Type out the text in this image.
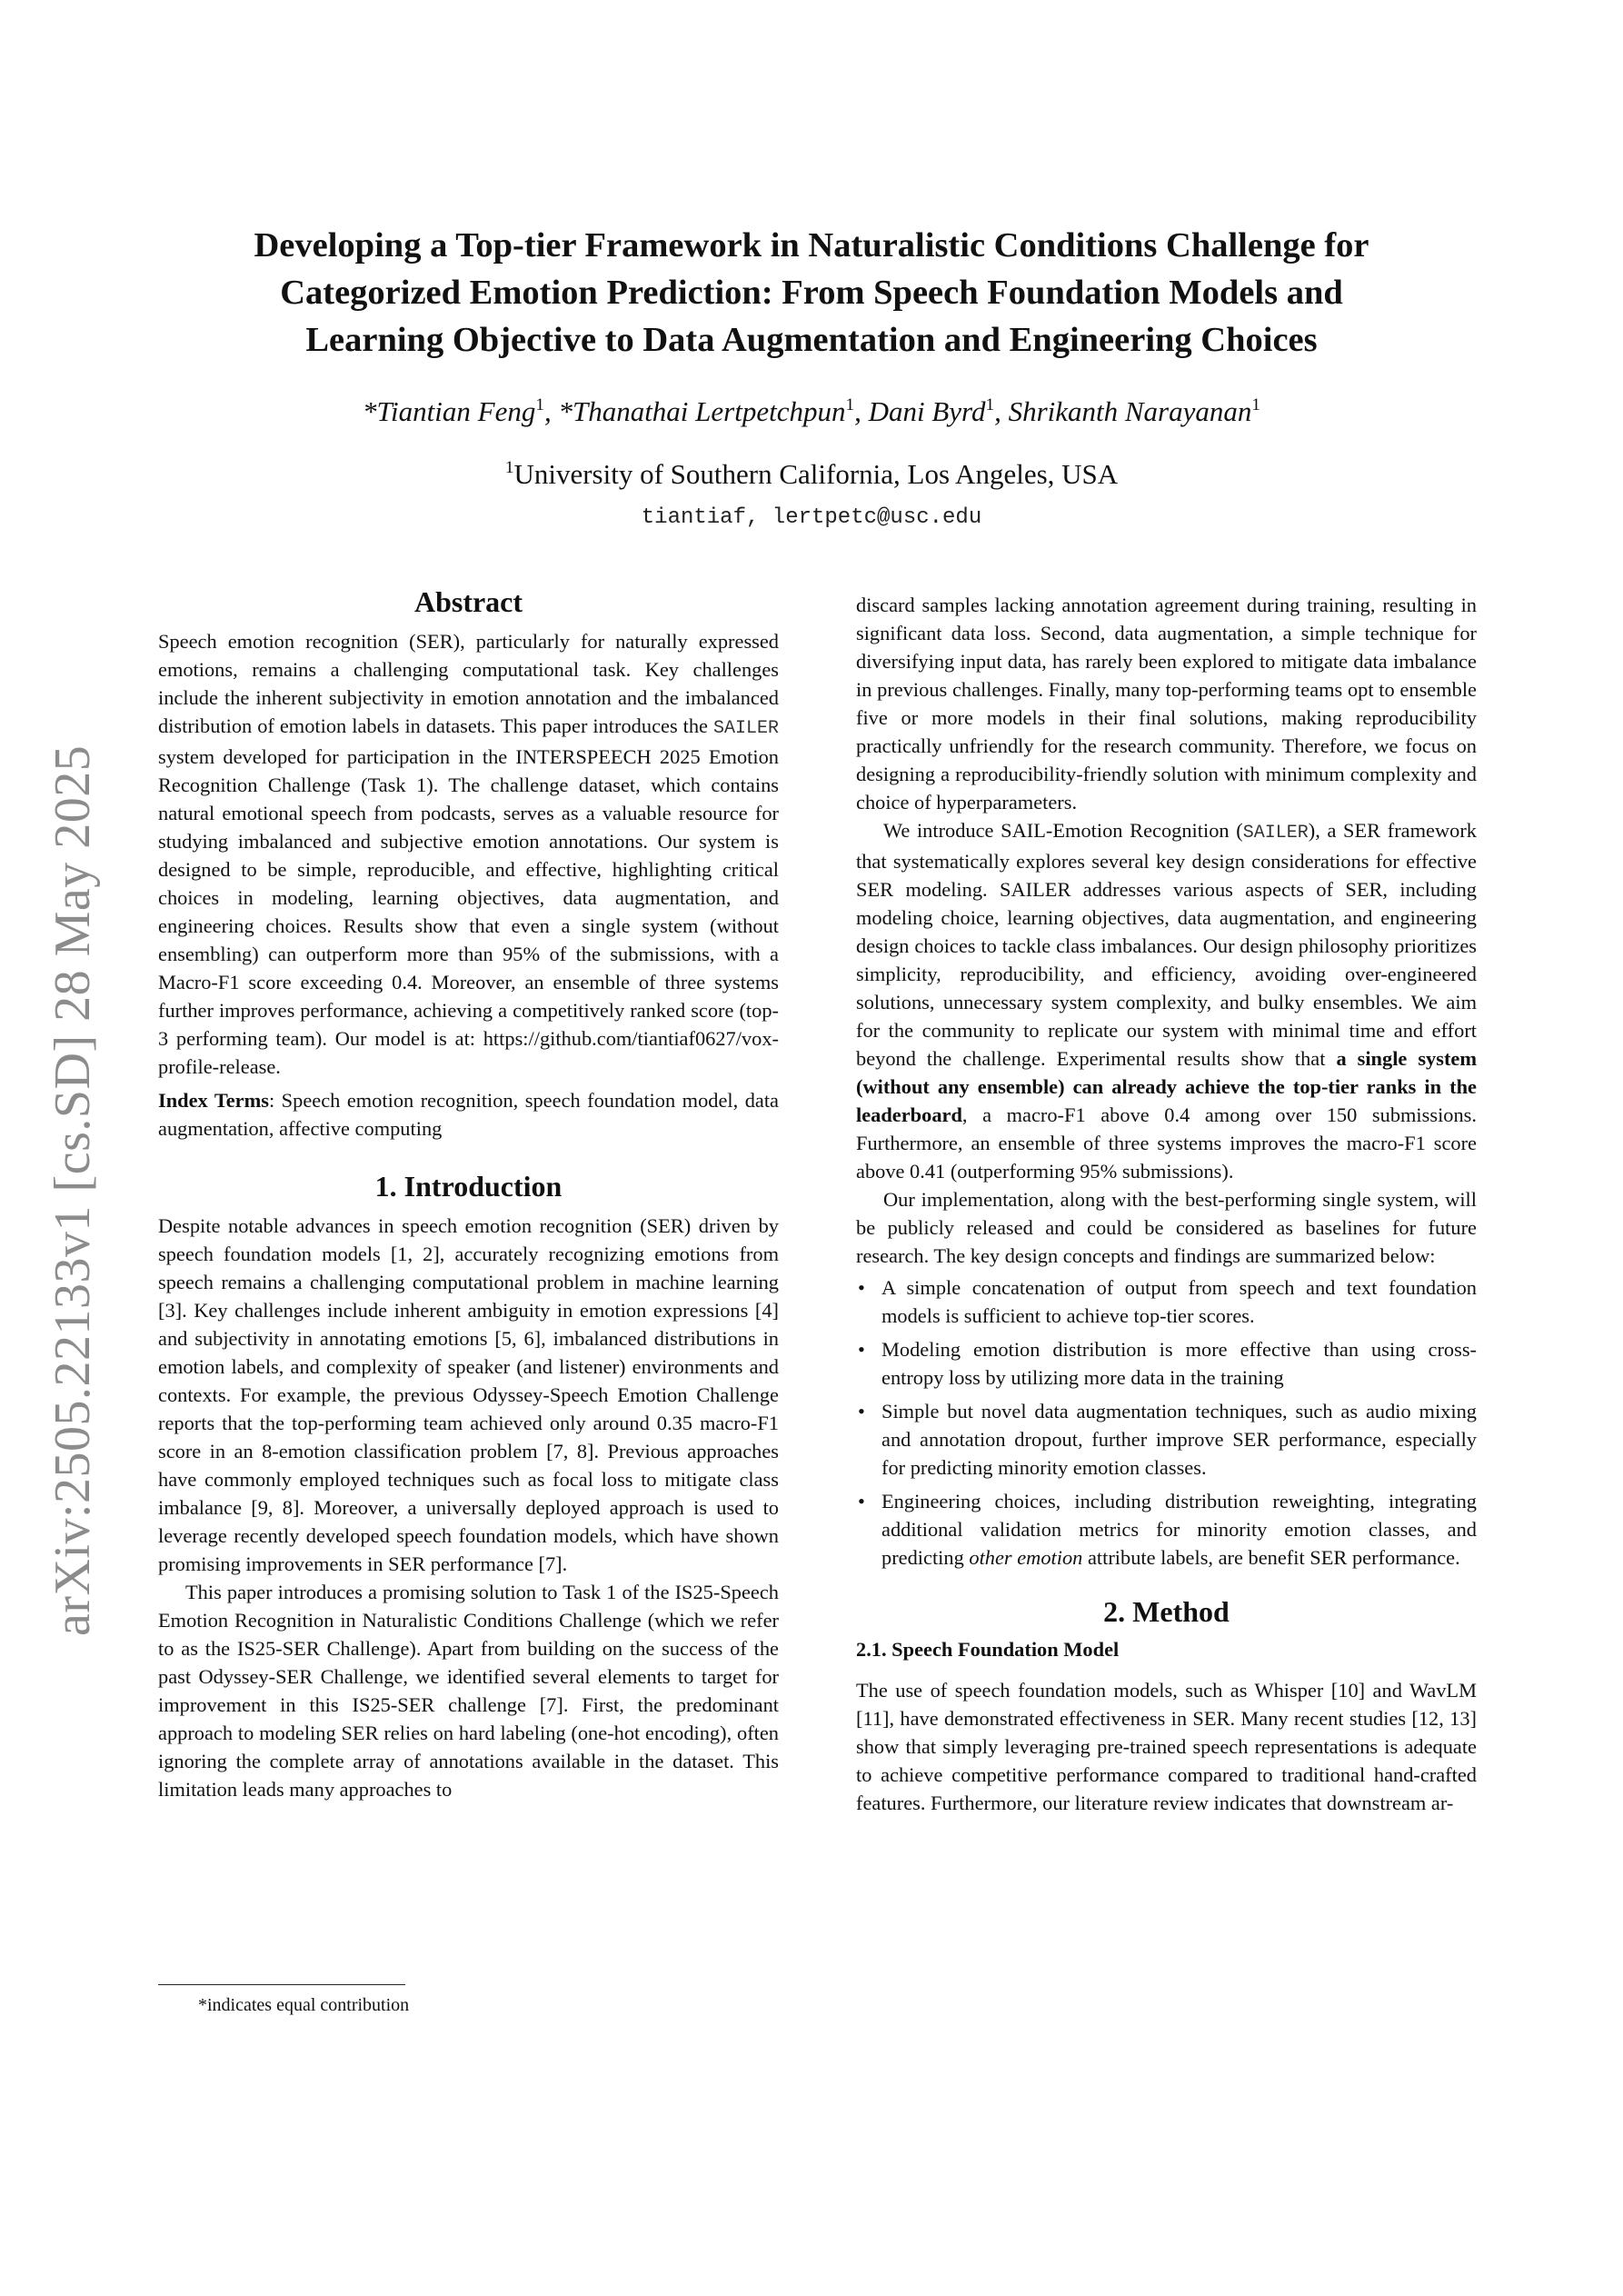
arXiv:2505.22133v1 [cs.SD] 28 May 2025
Developing a Top-tier Framework in Naturalistic Conditions Challenge for
Categorized Emotion Prediction: From Speech Foundation Models and
Learning Objective to Data Augmentation and Engineering Choices
*Tiantian Feng$^1$, *Thanathai Lertpetchpun$^1$, Dani Byrd$^1$, Shrikanth Narayanan$^1$
$^1$University of Southern California, Los Angeles, USA
tiantiaf, lertpetc@usc.edu
Abstract

Speech emotion recognition (SER), particularly for naturally expressed emotions, remains a challenging computational task. Key challenges include the inherent subjectivity in emotion annotation and the imbalanced distribution of emotion labels in datasets. This paper introduces the SAILER system developed for participation in the INTERSPEECH 2025 Emotion Recognition Challenge (Task 1). The challenge dataset, which contains natural emotional speech from podcasts, serves as a valuable resource for studying imbalanced and subjective emotion annotations. Our system is designed to be simple, reproducible, and effective, highlighting critical choices in modeling, learning objectives, data augmentation, and engineering choices. Results show that even a single system (without ensembling) can outperform more than 95% of the submissions, with a Macro-F1 score exceeding 0.4. Moreover, an ensemble of three systems further improves performance, achieving a competitively ranked score (top-3 performing team). Our model is at: https://github.com/tiantiaf0627/vox-profile-release.

Index Terms: Speech emotion recognition, speech foundation model, data augmentation, affective computing

1. Introduction

Despite notable advances in speech emotion recognition (SER) driven by speech foundation models [1, 2], accurately recognizing emotions from speech remains a challenging computational problem in machine learning [3]. Key challenges include inherent ambiguity in emotion expressions [4] and subjectivity in annotating emotions [5, 6], imbalanced distributions in emotion labels, and complexity of speaker (and listener) environments and contexts. For example, the previous Odyssey-Speech Emotion Challenge reports that the top-performing team achieved only around 0.35 macro-F1 score in an 8-emotion classification problem [7, 8]. Previous approaches have commonly employed techniques such as focal loss to mitigate class imbalance [9, 8]. Moreover, a universally deployed approach is used to leverage recently developed speech foundation models, which have shown promising improvements in SER performance [7].

This paper introduces a promising solution to Task 1 of the IS25-Speech Emotion Recognition in Naturalistic Conditions Challenge (which we refer to as the IS25-SER Challenge). Apart from building on the success of the past Odyssey-SER Challenge, we identified several elements to target for improvement in this IS25-SER challenge [7]. First, the predominant approach to modeling SER relies on hard labeling (one-hot encoding), often ignoring the complete array of annotations available in the dataset. This limitation leads many approaches to

discard samples lacking annotation agreement during training, resulting in significant data loss. Second, data augmentation, a simple technique for diversifying input data, has rarely been explored to mitigate data imbalance in previous challenges. Finally, many top-performing teams opt to ensemble five or more models in their final solutions, making reproducibility practically unfriendly for the research community. Therefore, we focus on designing a reproducibility-friendly solution with minimum complexity and choice of hyperparameters.

We introduce SAIL-Emotion Recognition (SAILER), a SER framework that systematically explores several key design considerations for effective SER modeling. SAILER addresses various aspects of SER, including modeling choice, learning objectives, data augmentation, and engineering design choices to tackle class imbalances. Our design philosophy prioritizes simplicity, reproducibility, and efficiency, avoiding over-engineered solutions, unnecessary system complexity, and bulky ensembles. We aim for the community to replicate our system with minimal time and effort beyond the challenge. Experimental results show that a single system (without any ensemble) can already achieve the top-tier ranks in the leaderboard, a macro-F1 above 0.4 among over 150 submissions. Furthermore, an ensemble of three systems improves the macro-F1 score above 0.41 (outperforming 95% submissions).

Our implementation, along with the best-performing single system, will be publicly released and could be considered as baselines for future research. The key design concepts and findings are summarized below:

• A simple concatenation of output from speech and text foundation models is sufficient to achieve top-tier scores.
• Modeling emotion distribution is more effective than using cross-entropy loss by utilizing more data in the training
• Simple but novel data augmentation techniques, such as audio mixing and annotation dropout, further improve SER performance, especially for predicting minority emotion classes.
• Engineering choices, including distribution reweighting, integrating additional validation metrics for minority emotion classes, and predicting other emotion attribute labels, are benefit SER performance.
2. Method

2.1. Speech Foundation Model

The use of speech foundation models, such as Whisper [10] and WavLM [11], have demonstrated effectiveness in SER. Many recent studies [12, 13] show that simply leveraging pre-trained speech representations is adequate to achieve competitive performance compared to traditional hand-crafted features. Furthermore, our literature review indicates that downstream ar-

*indicates equal contribution
